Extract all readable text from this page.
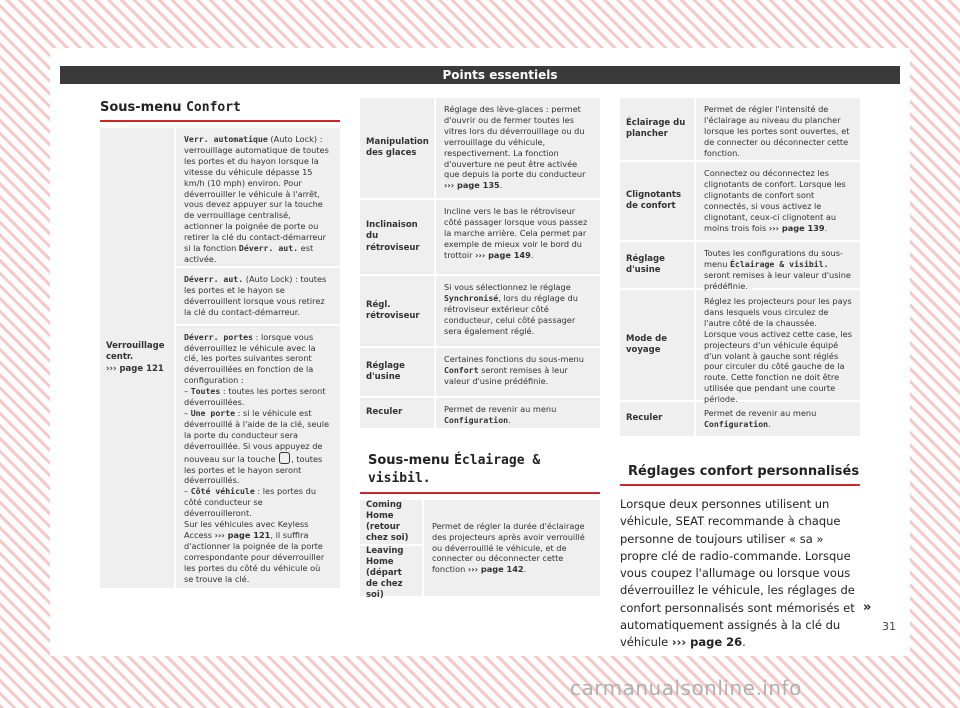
Points essentiels
Sous-menu Confort
Verrouillage centr.
››› page 121
Verr. automatique (Auto Lock) : verrouillage automatique de toutes les portes et du hayon lorsque la vitesse du véhicule dépasse 15 km/h (10 mph) environ. Pour déverrouiller le véhicule à l'arrêt, vous devez appuyer sur la touche de verrouillage centralisé, actionner la poignée de porte ou retirer la clé du contact-démarreur si la fonction Déverr. aut. est activée.
Déverr. aut. (Auto Lock) : toutes les portes et le hayon se déverrouillent lorsque vous retirez la clé du contact-démarreur.
Déverr. portes : lorsque vous déverrouillez le véhicule avec la clé, les portes suivantes seront déverrouillées en fonction de la configuration :
– Toutes : toutes les portes seront déverrouillées.
– Une porte : si le véhicule est déverrouillé à l'aide de la clé, seule la porte du conducteur sera déverrouillée. Si vous appuyez de nouveau sur la touche , toutes les portes et le hayon seront déverrouillés.
– Côté véhicule : les portes du côté conducteur se déverrouilleront.
Sur les véhicules avec Keyless Access ››› page 121, il suffira d'actionner la poignée de la porte correspondante pour déverrouiller les portes du côté du véhicule où se trouve la clé.
Manipulation des glaces
Réglage des lève-glaces : permet d'ouvrir ou de fermer toutes les vitres lors du déverrouillage ou du verrouillage du véhicule, respectivement. La fonction d'ouverture ne peut être activée que depuis la porte du conducteur ››› page 135.
Inclinaison du rétroviseur
Incline vers le bas le rétroviseur côté passager lorsque vous passez la marche arrière. Cela permet par exemple de mieux voir le bord du trottoir ››› page 149.
Régl. rétroviseur
Si vous sélectionnez le réglage Synchronisé, lors du réglage du rétroviseur extérieur côté conducteur, celui côté passager sera également réglé.
Réglage d'usine
Certaines fonctions du sous-menu Confort seront remises à leur valeur d'usine prédéfinie.
Reculer	Permet de revenir au menu Configuration.
Sous-menu Éclairage & visibil.
Coming Home (retour chez soi)
Leaving Home (départ de chez soi)
Permet de régler la durée d'éclairage des projecteurs après avoir verrouillé ou déverrouillé le véhicule, et de connecter ou déconnecter cette fonction ››› page 142.
Éclairage du plancher
Permet de régler l'intensité de l'éclairage au niveau du plancher lorsque les portes sont ouvertes, et de connecter ou déconnecter cette fonction.
Clignotants de confort
Connectez ou déconnectez les clignotants de confort. Lorsque les clignotants de confort sont connectés, si vous activez le clignotant, ceux-ci clignotent au moins trois fois ››› page 139.
Réglage d'usine
Toutes les configurations du sous-menu Éclairage & visibil. seront remises à leur valeur d'usine prédéfinie.
Mode de voyage
Réglez les projecteurs pour les pays dans lesquels vous circulez de l'autre côté de la chaussée. Lorsque vous activez cette case, les projecteurs d'un véhicule équipé d'un volant à gauche sont réglés pour circuler du côté gauche de la route. Cette fonction ne doit être utilisée que pendant une courte période.
Reculer
Permet de revenir au menu Configuration.
Réglages confort personnalisés
Lorsque deux personnes utilisent un véhicule, SEAT recommande à chaque personne de toujours utiliser « sa » propre clé de radio-commande. Lorsque vous coupez l'allumage ou lorsque vous déverrouillez le véhicule, les réglages de confort personnalisés sont mémorisés et automatiquement assignés à la clé du véhicule ››› page 26.
»
31
carmanualsonline.info
